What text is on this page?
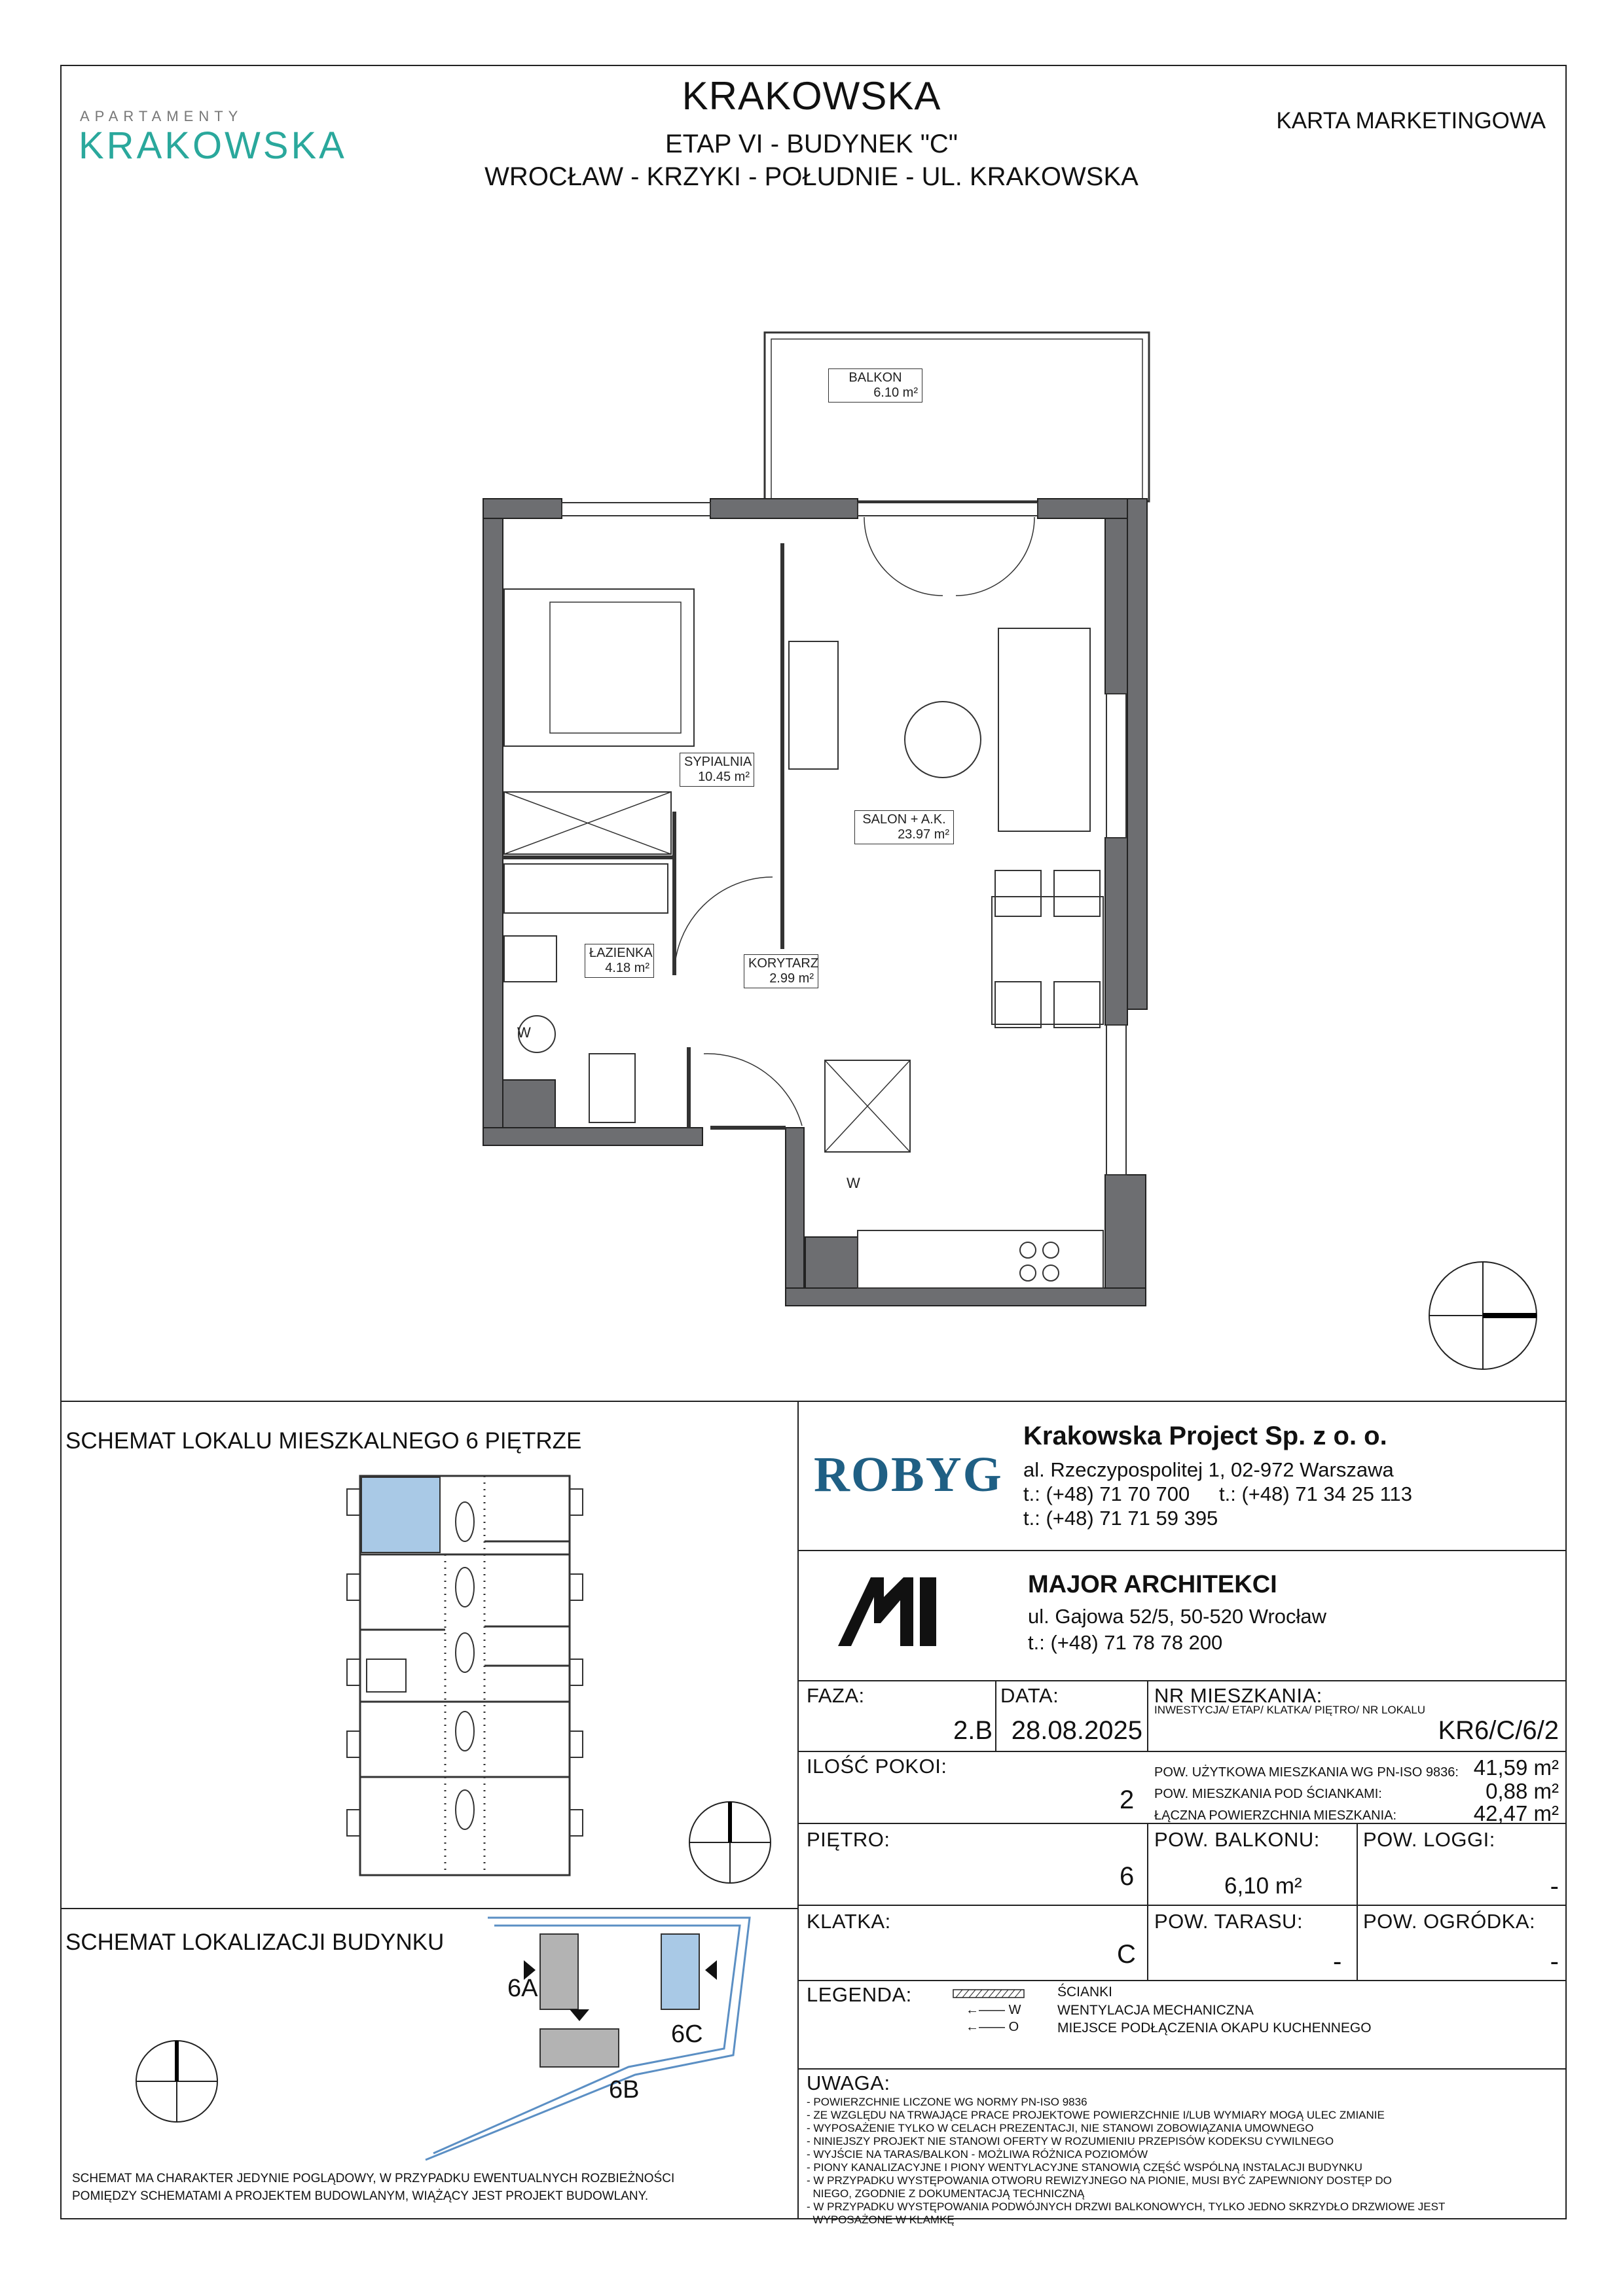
APARTAMENTY
KRAKOWSKA
KRAKOWSKA
ETAP VI - BUDYNEK "C"
WROCŁAW - KRZYKI - POŁUDNIE - UL. KRAKOWSKA
KARTA MARKETINGOWA
W
W
BALKON
6.10 m²
SYPIALNIA
10.45 m²
SALON + A.K.
23.97 m²
ŁAZIENKA
4.18 m²	KORYTARZ
2.99 m²
SCHEMAT LOKALU MIESZKALNEGO 6 PIĘTRZE
SCHEMAT LOKALIZACJI BUDYNKU
6A
6B
6C
SCHEMAT MA CHARAKTER JEDYNIE POGLĄDOWY, W PRZYPADKU EWENTUALNYCH ROZBIEŻNOŚCI
POMIĘDZY SCHEMATAMI A PROJEKTEM BUDOWLANYM, WIĄŻĄCY JEST PROJEKT BUDOWLANY.
ROBYG
Krakowska Project Sp. z o. o.
al. Rzeczypospolitej 1, 02-972 Warszawa
t.: (+48) 71 70 700 t.: (+48) 71 34 25 113
t.: (+48) 71 71 59 395
MAJOR ARCHITEKCI
ul. Gajowa 52/5, 50-520 Wrocław
t.: (+48) 71 78 78 200
FAZA:
2.B
DATA:
28.08.2025
NR MIESZKANIA:
INWESTYCJA/ ETAP/ KLATKA/ PIĘTRO/ NR LOKALU
KR6/C/6/2
ILOŚĆ POKOI:
2
POW. UŻYTKOWA MIESZKANIA WG PN-ISO 9836: 41,59 m²
POW. MIESZKANIA POD ŚCIANKAMI:	0,88 m²
ŁĄCZNA POWIERZCHNIA MIESZKANIA:	42,47 m²
PIĘTRO:
6
POW. BALKONU:
6,10 m²
POW. LOGGI:
-
KLATKA:
C
POW. TARASU:
-
POW. OGRÓDKA:
-
LEGENDA:
←—— W
←—— O
ŚCIANKI
WENTYLACJA MECHANICZNA
MIEJSCE PODŁĄCZENIA OKAPU KUCHENNEGO
UWAGA:
- POWIERZCHNIE LICZONE WG NORMY PN-ISO 9836
- ZE WZGLĘDU NA TRWAJĄCE PRACE PROJEKTOWE POWIERZCHNIE I/LUB WYMIARY MOGĄ ULEC ZMIANIE
- WYPOSAŻENIE TYLKO W CELACH PREZENTACJI, NIE STANOWI ZOBOWIĄZANIA UMOWNEGO
- NINIEJSZY PROJEKT NIE STANOWI OFERTY W ROZUMIENIU PRZEPISÓW KODEKSU CYWILNEGO
- WYJŚCIE NA TARAS/BALKON - MOŻLIWA RÓŻNICA POZIOMÓW
- PIONY KANALIZACYJNE I PIONY WENTYLACYJNE STANOWIĄ CZĘŚĆ WSPÓLNĄ INSTALACJI BUDYNKU
- W PRZYPADKU WYSTĘPOWANIA OTWORU REWIZYJNEGO NA PIONIE, MUSI BYĆ ZAPEWNIONY DOSTĘP DO
NIEGO, ZGODNIE Z DOKUMENTACJĄ TECHNICZNĄ
- W PRZYPADKU WYSTĘPOWANIA PODWÓJNYCH DRZWI BALKONOWYCH, TYLKO JEDNO SKRZYDŁO DRZWIOWE JEST
WYPOSAŻONE W KLAMKĘ
